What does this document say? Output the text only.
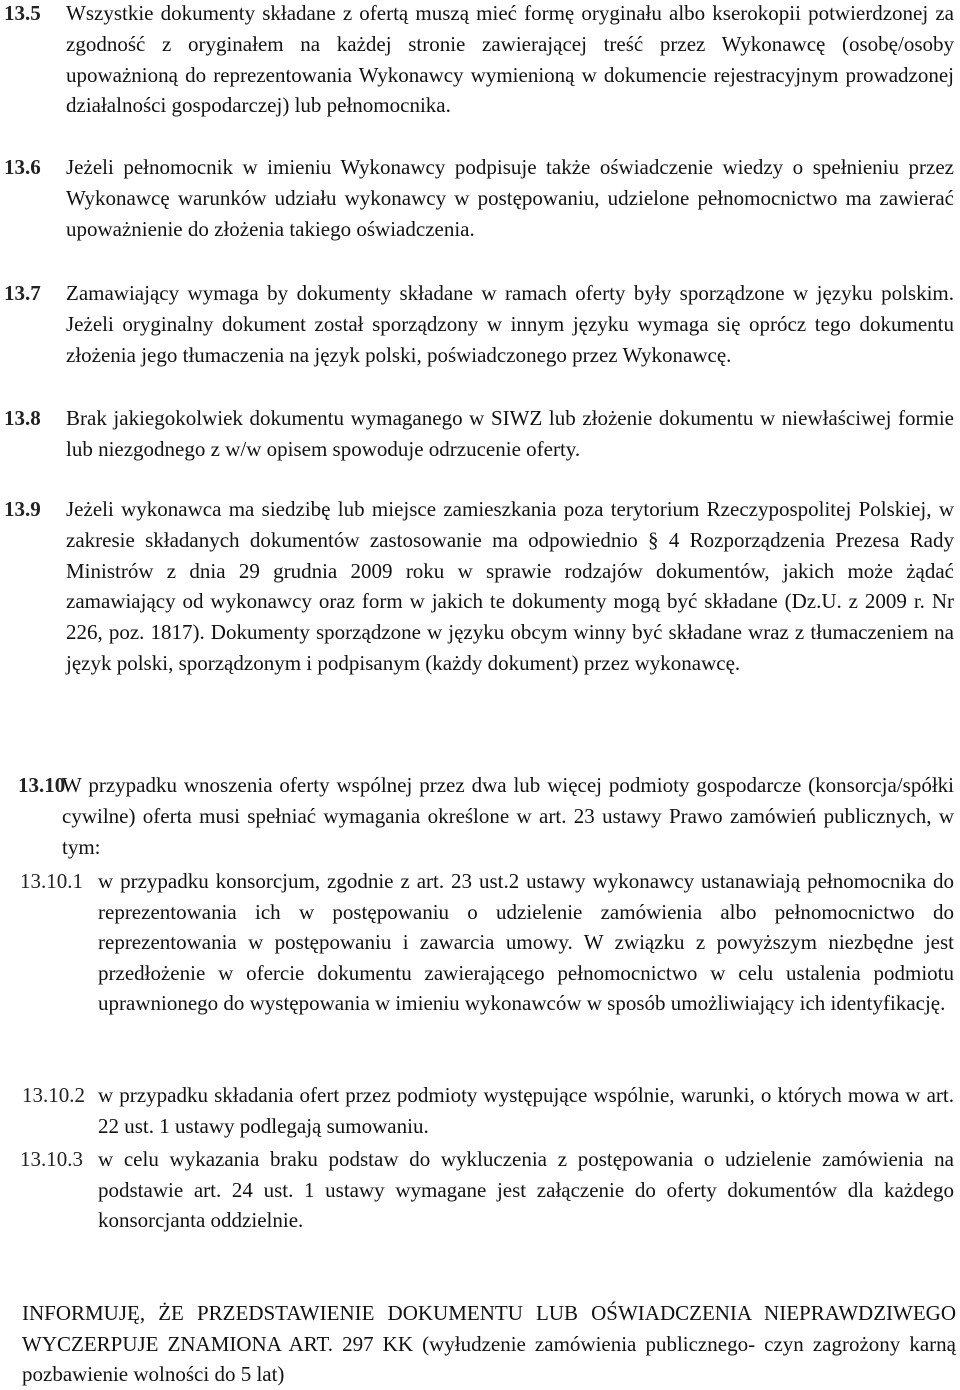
13.5 Wszystkie dokumenty składane z ofertą muszą mieć formę oryginału albo kserokopii potwierdzonej za zgodność z oryginałem na każdej stronie zawierającej treść przez Wykonawcę (osobę/osoby upoważnioną do reprezentowania Wykonawcy wymienioną w dokumencie rejestracyjnym prowadzonej działalności gospodarczej) lub pełnomocnika.

13.6 Jeżeli pełnomocnik w imieniu Wykonawcy podpisuje także oświadczenie wiedzy o spełnieniu przez Wykonawcę warunków udziału wykonawcy w postępowaniu, udzielone pełnomocnictwo ma zawierać upoważnienie do złożenia takiego oświadczenia.

13.7 Zamawiający wymaga by dokumenty składane w ramach oferty były sporządzone w języku polskim. Jeżeli oryginalny dokument został sporządzony w innym języku wymaga się oprócz tego dokumentu złożenia jego tłumaczenia na język polski, poświadczonego przez Wykonawcę.

13.8 Brak jakiegokolwiek dokumentu wymaganego w SIWZ lub złożenie dokumentu w niewłaściwej formie lub niezgodnego z w/w opisem spowoduje odrzucenie oferty.

13.9 Jeżeli wykonawca ma siedzibę lub miejsce zamieszkania poza terytorium Rzeczypospolitej Polskiej, w zakresie składanych dokumentów zastosowanie ma odpowiednio § 4 Rozporządzenia Prezesa Rady Ministrów z dnia 29 grudnia 2009 roku w sprawie rodzajów dokumentów, jakich może żądać zamawiający od wykonawcy oraz form w jakich te dokumenty mogą być składane (Dz.U. z 2009 r. Nr 226, poz. 1817). Dokumenty sporządzone w języku obcym winny być składane wraz z tłumaczeniem na język polski, sporządzonym i podpisanym (każdy dokument) przez wykonawcę.

13.10
W przypadku wnoszenia oferty wspólnej przez dwa lub więcej podmioty gospodarcze (konsorcja/spółki cywilne) oferta musi spełniać wymagania określone w art. 23 ustawy Prawo zamówień publicznych, w tym:

13.10.1 w przypadku konsorcjum, zgodnie z art. 23 ust.2 ustawy wykonawcy ustanawiają pełnomocnika do reprezentowania ich w postępowaniu o udzielenie zamówienia albo pełnomocnictwo do reprezentowania w postępowaniu i zawarcia umowy. W związku z powyższym niezbędne jest przedłożenie w ofercie dokumentu zawierającego pełnomocnictwo w celu ustalenia podmiotu uprawnionego do występowania w imieniu wykonawców w sposób umożliwiający ich identyfikację.

13.10.2 w przypadku składania ofert przez podmioty występujące wspólnie, warunki, o których mowa w art. 22 ust. 1 ustawy podlegają sumowaniu.

13.10.3 w celu wykazania braku podstaw do wykluczenia z postępowania o udzielenie zamówienia na podstawie art. 24 ust. 1 ustawy wymagane jest załączenie do oferty dokumentów dla każdego konsorcjanta oddzielnie.

INFORMUJĘ, ŻE PRZEDSTAWIENIE DOKUMENTU LUB OŚWIADCZENIA NIEPRAWDZIWEGO WYCZERPUJE ZNAMIONA ART. 297 KK (wyłudzenie zamówienia publicznego- czyn zagrożony karną pozbawienie wolności do 5 lat)
